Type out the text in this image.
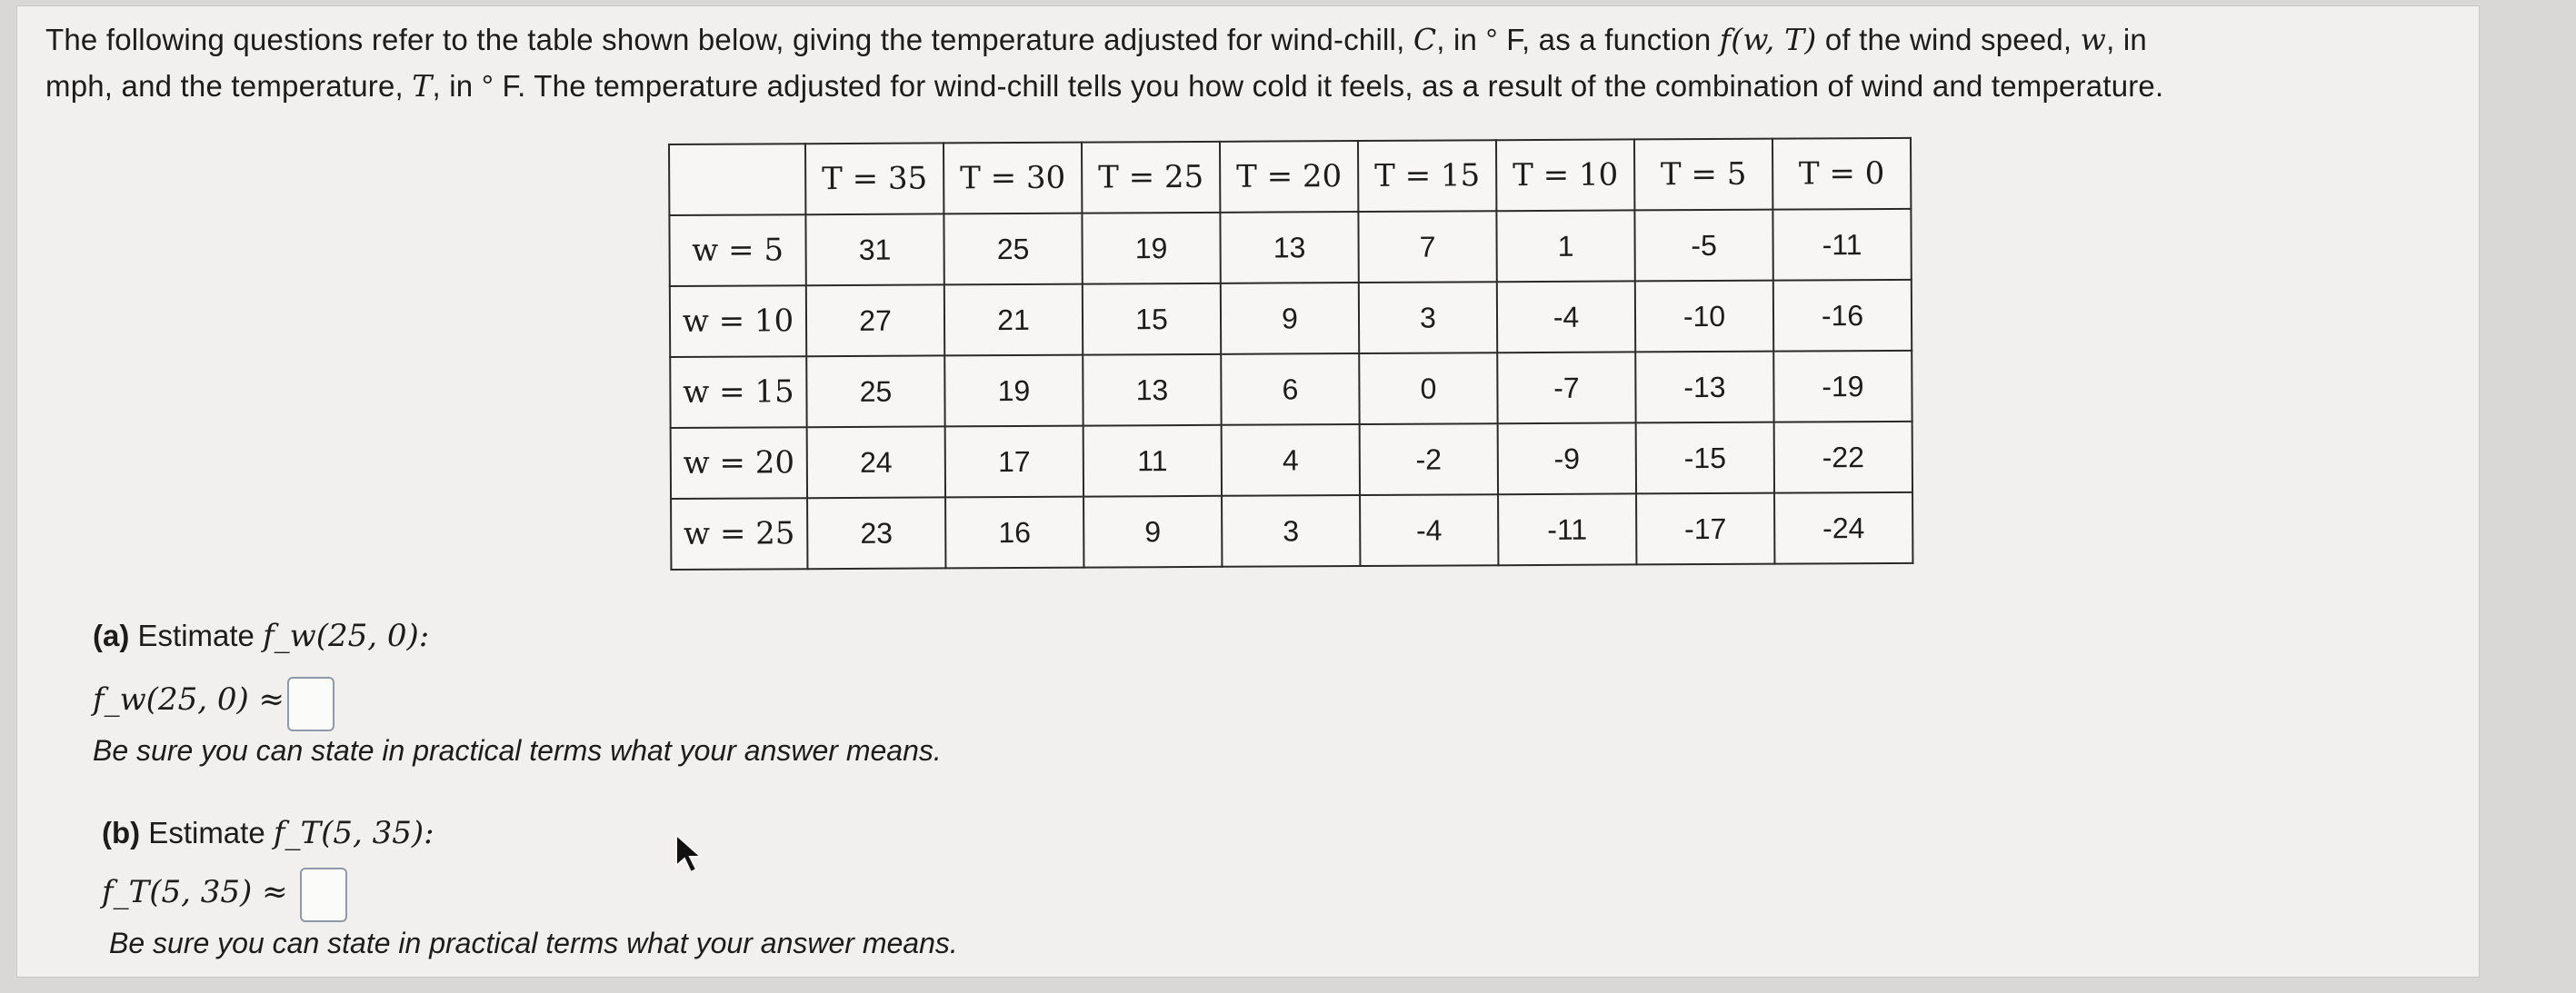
The following questions refer to the table shown below, giving the temperature adjusted for wind-chill, C, in ° F, as a function f(w, T) of the wind speed, w, in
mph, and the temperature, T, in ° F. The temperature adjusted for wind-chill tells you how cold it feels, as a result of the combination of wind and temperature.
	T = 35	T = 30	T = 25	T = 20	T = 15	T = 10	T = 5	T = 0
w = 5	31	25	19	13	7	1	-5	-11
w = 10	27	21	15	9	3	-4	-10	-16
w = 15	25	19	13	6	0	-7	-13	-19
w = 20	24	17	11	4	-2	-9	-15	-22
w = 25	23	16	9	3	-4	-11	-17	-24
(a) Estimate f_w(25, 0):
f_w(25, 0) ≈
Be sure you can state in practical terms what your answer means.
(b) Estimate f_T(5, 35):
f_T(5, 35) ≈
Be sure you can state in practical terms what your answer means.
